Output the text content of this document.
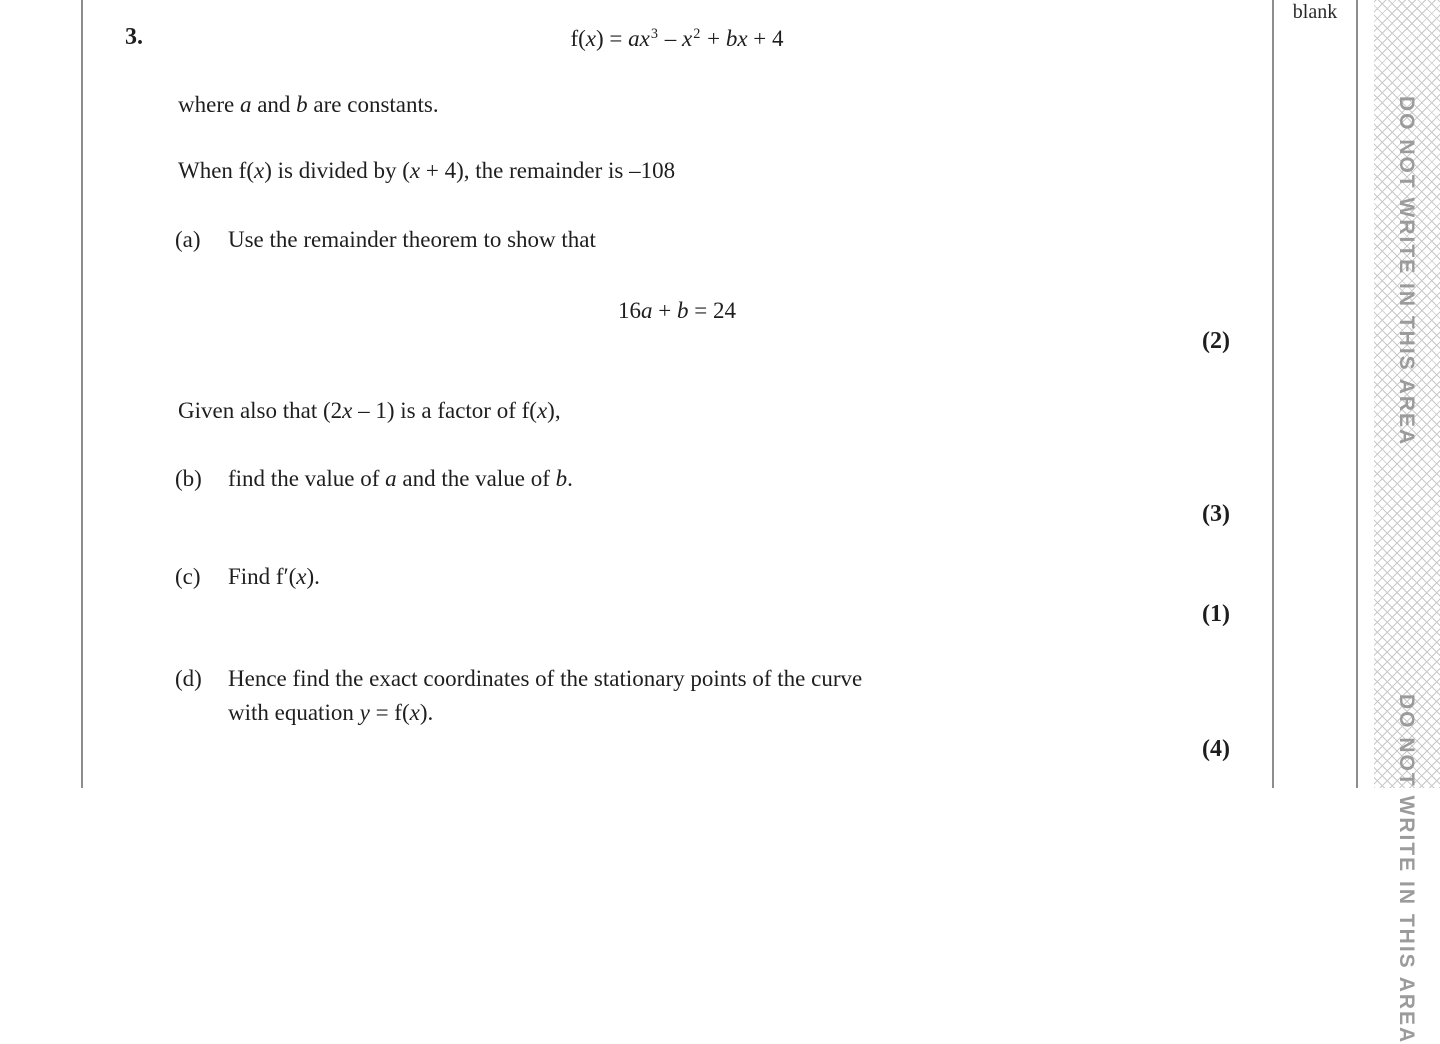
blank
DO NOT WRITE IN THIS AREA
DO NOT WRITE IN THIS AREA
3.	$f(x) = ax^3 - x^2$ + bx + 4
where a and b are constants.
When f(x) is divided by (x + 4), the remainder is –108
(a) Use the remainder theorem to show that
16a + b = 24
(2)
Given also that (2x – 1) is a factor of f(x),
(b) find the value of a and the value of b.
(3)
(c) Find f′(x).
(1)
(d)	Hence find the exact coordinates of the stationary points of the curve
with equation y = f(x).
(4)
